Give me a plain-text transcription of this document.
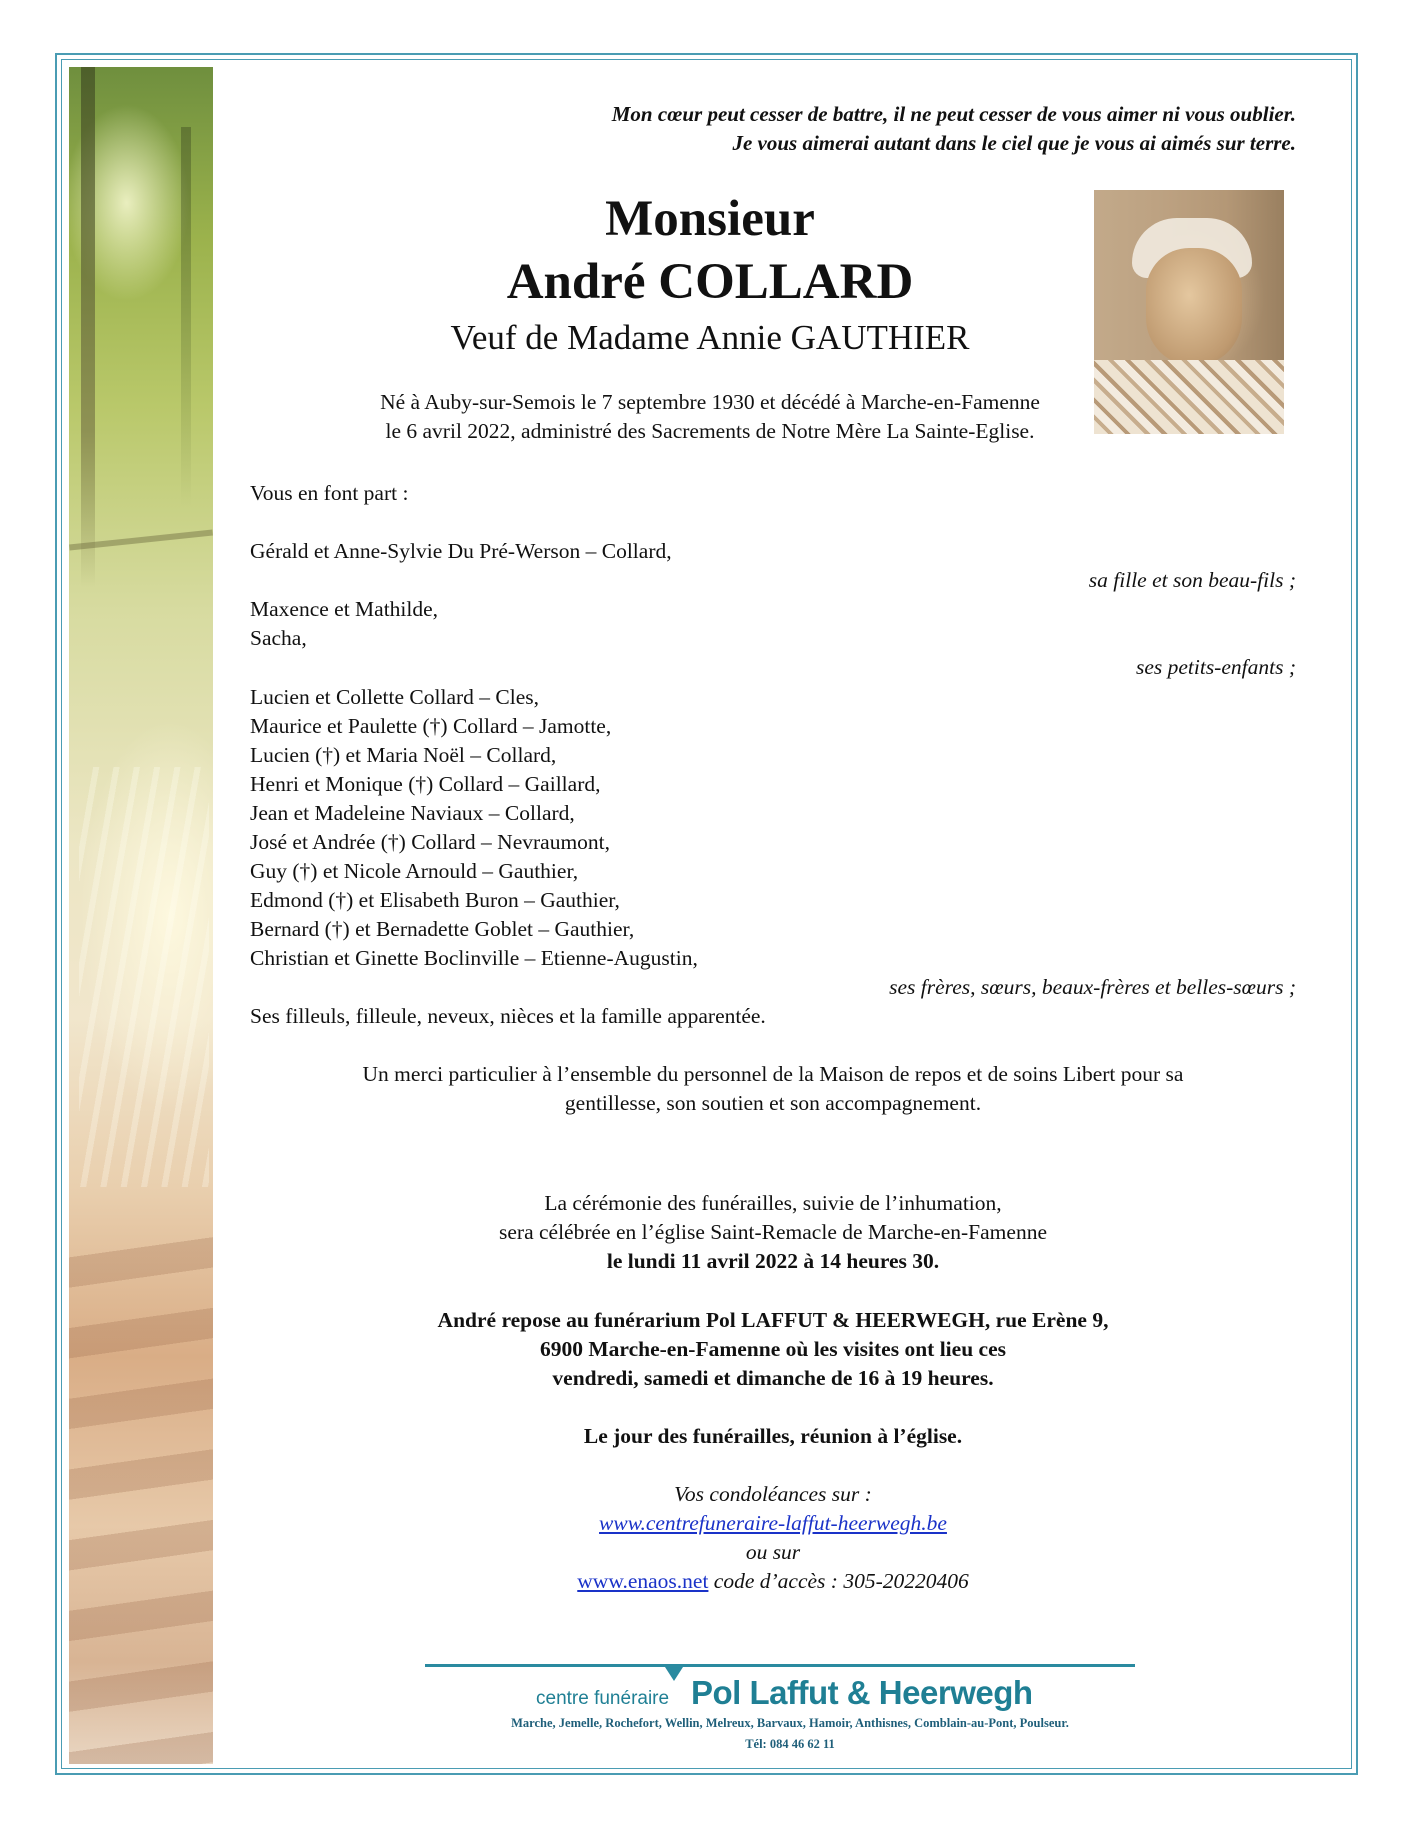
Mon cœur peut cesser de battre, il ne peut cesser de vous aimer ni vous oublier.
Je vous aimerai autant dans le ciel que je vous ai aimés sur terre.
Monsieur
André COLLARD
Veuf de Madame Annie GAUTHIER
Né à Auby-sur-Semois le 7 septembre 1930 et décédé à Marche-en-Famenne
le 6 avril 2022, administré des Sacrements de Notre Mère La Sainte-Eglise.
Vous en font part :
Gérald et Anne-Sylvie Du Pré-Werson – Collard,
sa fille et son beau-fils ;
Maxence et Mathilde,
Sacha,
ses petits-enfants ;
Lucien et Collette Collard – Cles,
Maurice et Paulette (†) Collard – Jamotte,
Lucien (†) et Maria Noël – Collard,
Henri et Monique (†) Collard – Gaillard,
Jean et Madeleine Naviaux – Collard,
José et Andrée (†) Collard – Nevraumont,
Guy (†) et Nicole Arnould – Gauthier,
Edmond (†) et Elisabeth Buron – Gauthier,
Bernard (†) et Bernadette Goblet – Gauthier,
Christian et Ginette Boclinville – Etienne-Augustin,
ses frères, sœurs, beaux-frères et belles-sœurs ;
Ses filleuls, filleule, neveux, nièces et la famille apparentée.
Un merci particulier à l’ensemble du personnel de la Maison de repos et de soins Libert pour sa
gentillesse, son soutien et son accompagnement.
La cérémonie des funérailles, suivie de l’inhumation,
sera célébrée en l’église Saint-Remacle de Marche-en-Famenne
le lundi 11 avril 2022 à 14 heures 30.
André repose au funérarium Pol LAFFUT & HEERWEGH, rue Erène 9,
6900 Marche-en-Famenne où les visites ont lieu ces
vendredi, samedi et dimanche de 16 à 19 heures.
Le jour des funérailles, réunion à l’église.
Vos condoléances sur :
www.centrefuneraire-laffut-heerwegh.be
ou sur
www.enaos.net code d’accès : 305-20220406
centre funéraire Pol Laffut & Heerwegh
Marche, Jemelle, Rochefort, Wellin, Melreux, Barvaux, Hamoir, Anthisnes, Comblain-au-Pont, Poulseur.
Tél: 084 46 62 11
